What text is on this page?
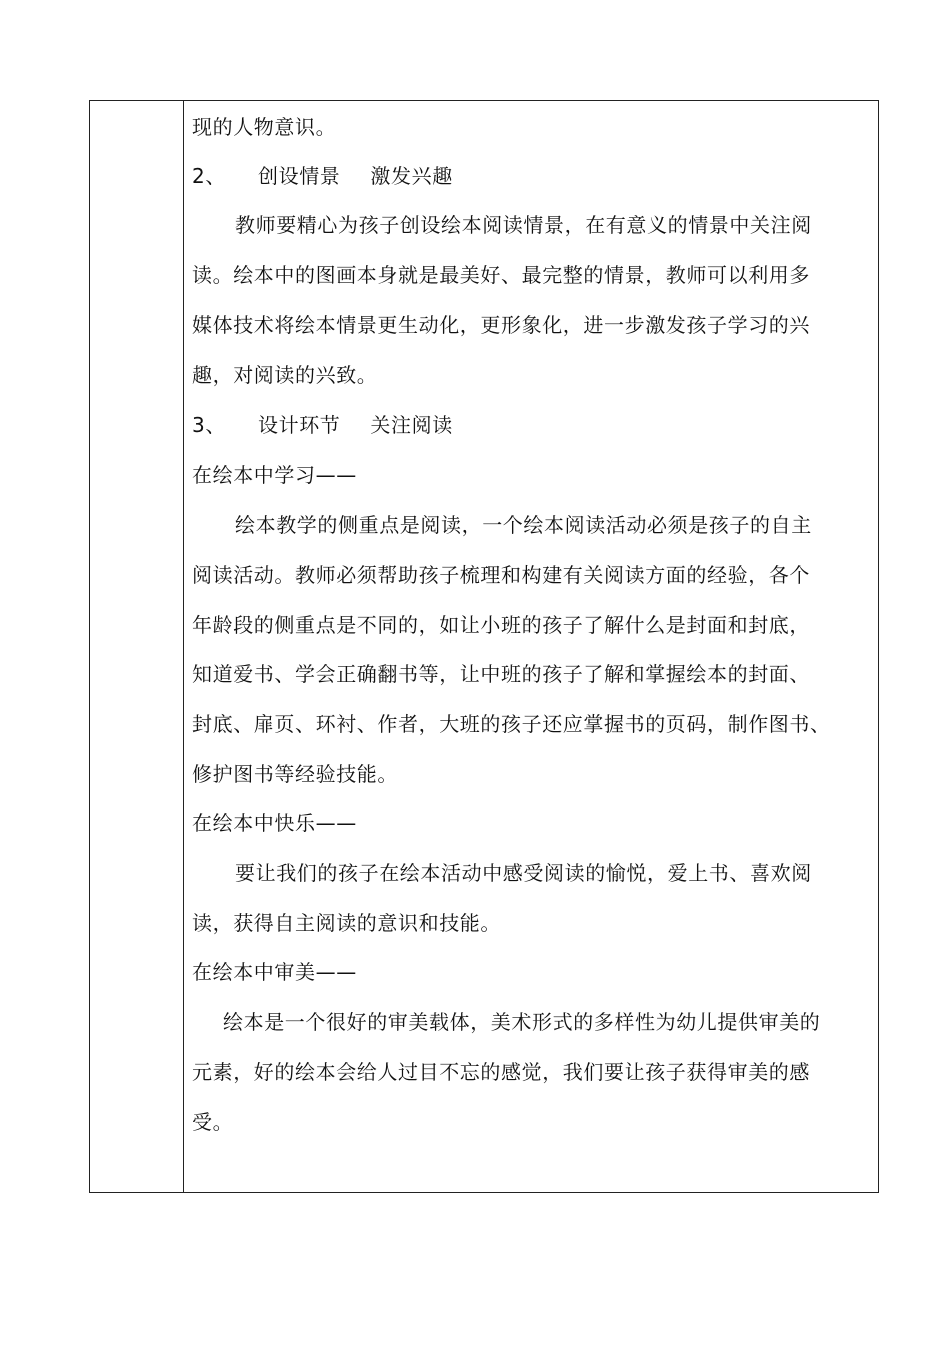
现的人物意识。
2、 创设情景 激发兴趣
教师要精心为孩子创设绘本阅读情景，在有意义的情景中关注阅
读。绘本中的图画本身就是最美好、最完整的情景，教师可以利用多
媒体技术将绘本情景更生动化，更形象化，进一步激发孩子学习的兴
趣，对阅读的兴致。
3、 设计环节 关注阅读
在绘本中学习——
绘本教学的侧重点是阅读，一个绘本阅读活动必须是孩子的自主
阅读活动。教师必须帮助孩子梳理和构建有关阅读方面的经验，各个
年龄段的侧重点是不同的，如让小班的孩子了解什么是封面和封底，
知道爱书、学会正确翻书等，让中班的孩子了解和掌握绘本的封面、
封底、扉页、环衬、作者，大班的孩子还应掌握书的页码，制作图书、
修护图书等经验技能。
在绘本中快乐——
要让我们的孩子在绘本活动中感受阅读的愉悦，爱上书、喜欢阅
读，获得自主阅读的意识和技能。
在绘本中审美——
绘本是一个很好的审美载体，美术形式的多样性为幼儿提供审美的
元素，好的绘本会给人过目不忘的感觉，我们要让孩子获得审美的感
受。
